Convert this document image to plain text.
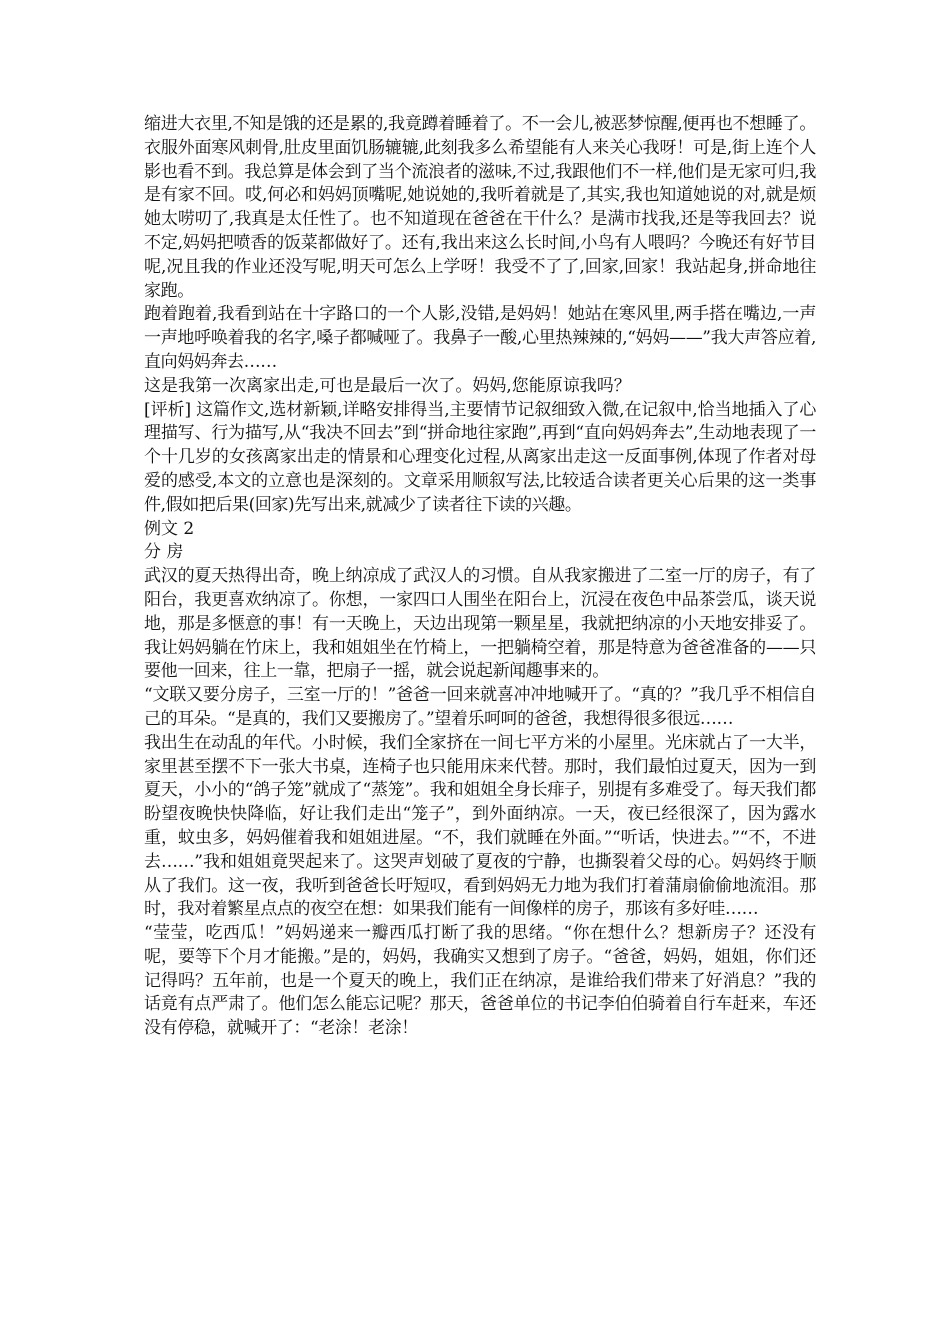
缩进大衣里,不知是饿的还是累的,我竟蹲着睡着了。不一会儿,被恶梦惊醒,便再也不想睡了。衣服外面寒风刺骨,肚皮里面饥肠辘辘,此刻我多么希望能有人来关心我呀！可是,街上连个人影也看不到。我总算是体会到了当个流浪者的滋味,不过,我跟他们不一样,他们是无家可归,我是有家不回。哎,何必和妈妈顶嘴呢,她说她的,我听着就是了,其实,我也知道她说的对,就是烦她太唠叨了,我真是太任性了。也不知道现在爸爸在干什么？是满市找我,还是等我回去？说不定,妈妈把喷香的饭菜都做好了。还有,我出来这么长时间,小鸟有人喂吗？今晚还有好节目呢,况且我的作业还没写呢,明天可怎么上学呀！我受不了了,回家,回家！我站起身,拼命地往家跑。

跑着跑着,我看到站在十字路口的一个人影,没错,是妈妈！她站在寒风里,两手搭在嘴边,一声一声地呼唤着我的名字,嗓子都喊哑了。我鼻子一酸,心里热辣辣的,“妈妈——”我大声答应着,直向妈妈奔去……

这是我第一次离家出走,可也是最后一次了。妈妈,您能原谅我吗？

[评析] 这篇作文,选材新颖,详略安排得当,主要情节记叙细致入微,在记叙中,恰当地插入了心理描写、行为描写,从“我决不回去”到“拼命地往家跑”,再到“直向妈妈奔去”,生动地表现了一个十几岁的女孩离家出走的情景和心理变化过程,从离家出走这一反面事例,体现了作者对母爱的感受,本文的立意也是深刻的。文章采用顺叙写法,比较适合读者更关心后果的这一类事件,假如把后果(回家)先写出来,就减少了读者往下读的兴趣。

例文 2

分 房

武汉的夏天热得出奇，晚上纳凉成了武汉人的习惯。自从我家搬进了二室一厅的房子，有了阳台，我更喜欢纳凉了。你想，一家四口人围坐在阳台上，沉浸在夜色中品茶尝瓜，谈天说地，那是多惬意的事！有一天晚上，天边出现第一颗星星，我就把纳凉的小天地安排妥了。我让妈妈躺在竹床上，我和姐姐坐在竹椅上，一把躺椅空着，那是特意为爸爸准备的——只要他一回来，往上一靠，把扇子一摇，就会说起新闻趣事来的。

“文联又要分房子，三室一厅的！”爸爸一回来就喜冲冲地喊开了。“真的？”我几乎不相信自己的耳朵。“是真的，我们又要搬房了。”望着乐呵呵的爸爸，我想得很多很远……

我出生在动乱的年代。小时候，我们全家挤在一间七平方米的小屋里。光床就占了一大半，家里甚至摆不下一张大书桌，连椅子也只能用床来代替。那时，我们最怕过夏天，因为一到夏天，小小的“鸽子笼”就成了“蒸笼”。我和姐姐全身长痱子，别提有多难受了。每天我们都盼望夜晚快快降临，好让我们走出“笼子”，到外面纳凉。一天，夜已经很深了，因为露水重，蚊虫多，妈妈催着我和姐姐进屋。“不，我们就睡在外面。”“听话，快进去。”“不，不进去……”我和姐姐竟哭起来了。这哭声划破了夏夜的宁静，也撕裂着父母的心。妈妈终于顺从了我们。这一夜，我听到爸爸长吁短叹，看到妈妈无力地为我们打着蒲扇偷偷地流泪。那时，我对着繁星点点的夜空在想：如果我们能有一间像样的房子，那该有多好哇……

“莹莹，吃西瓜！”妈妈递来一瓣西瓜打断了我的思绪。“你在想什么？想新房子？还没有呢，要等下个月才能搬。”是的，妈妈，我确实又想到了房子。“爸爸，妈妈，姐姐，你们还记得吗？五年前，也是一个夏天的晚上，我们正在纳凉，是谁给我们带来了好消息？”我的话竟有点严肃了。他们怎么能忘记呢？那天，爸爸单位的书记李伯伯骑着自行车赶来，车还没有停稳，就喊开了：“老涂！老涂！
